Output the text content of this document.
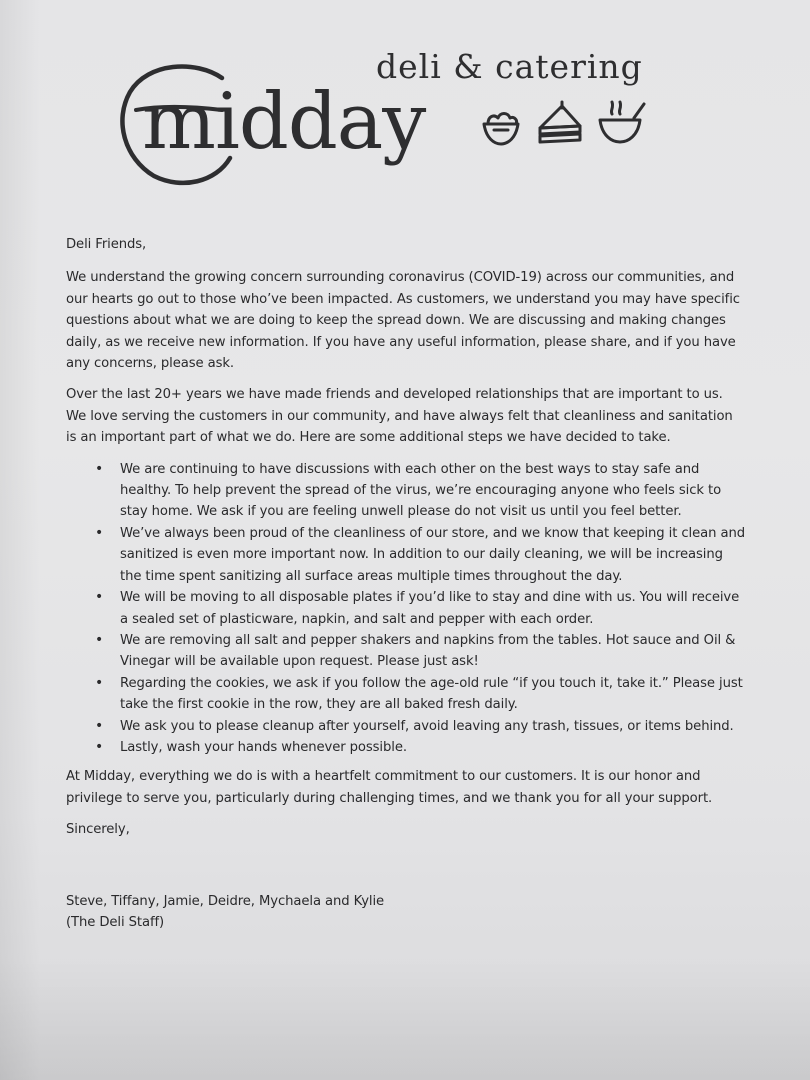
deli & catering
midday

Deli Friends,

We understand the growing concern surrounding coronavirus (COVID-19) across our communities, and
our hearts go out to those who’ve been impacted. As customers, we understand you may have specific
questions about what we are doing to keep the spread down. We are discussing and making changes
daily, as we receive new information. If you have any useful information, please share, and if you have
any concerns, please ask.

Over the last 20+ years we have made friends and developed relationships that are important to us.
We love serving the customers in our community, and have always felt that cleanliness and sanitation
is an important part of what we do. Here are some additional steps we have decided to take.

• We are continuing to have discussions with each other on the best ways to stay safe and
healthy. To help prevent the spread of the virus, we’re encouraging anyone who feels sick to
stay home. We ask if you are feeling unwell please do not visit us until you feel better.
• We’ve always been proud of the cleanliness of our store, and we know that keeping it clean and
sanitized is even more important now. In addition to our daily cleaning, we will be increasing
the time spent sanitizing all surface areas multiple times throughout the day.
• We will be moving to all disposable plates if you’d like to stay and dine with us. You will receive
a sealed set of plasticware, napkin, and salt and pepper with each order.
• We are removing all salt and pepper shakers and napkins from the tables. Hot sauce and Oil &
Vinegar will be available upon request. Please just ask!
• Regarding the cookies, we ask if you follow the age-old rule “if you touch it, take it.” Please just
take the first cookie in the row, they are all baked fresh daily.
• We ask you to please cleanup after yourself, avoid leaving any trash, tissues, or items behind.
• Lastly, wash your hands whenever possible.

At Midday, everything we do is with a heartfelt commitment to our customers. It is our honor and
privilege to serve you, particularly during challenging times, and we thank you for all your support.

Sincerely,

Steve, Tiffany, Jamie, Deidre, Mychaela and Kylie
(The Deli Staff)
